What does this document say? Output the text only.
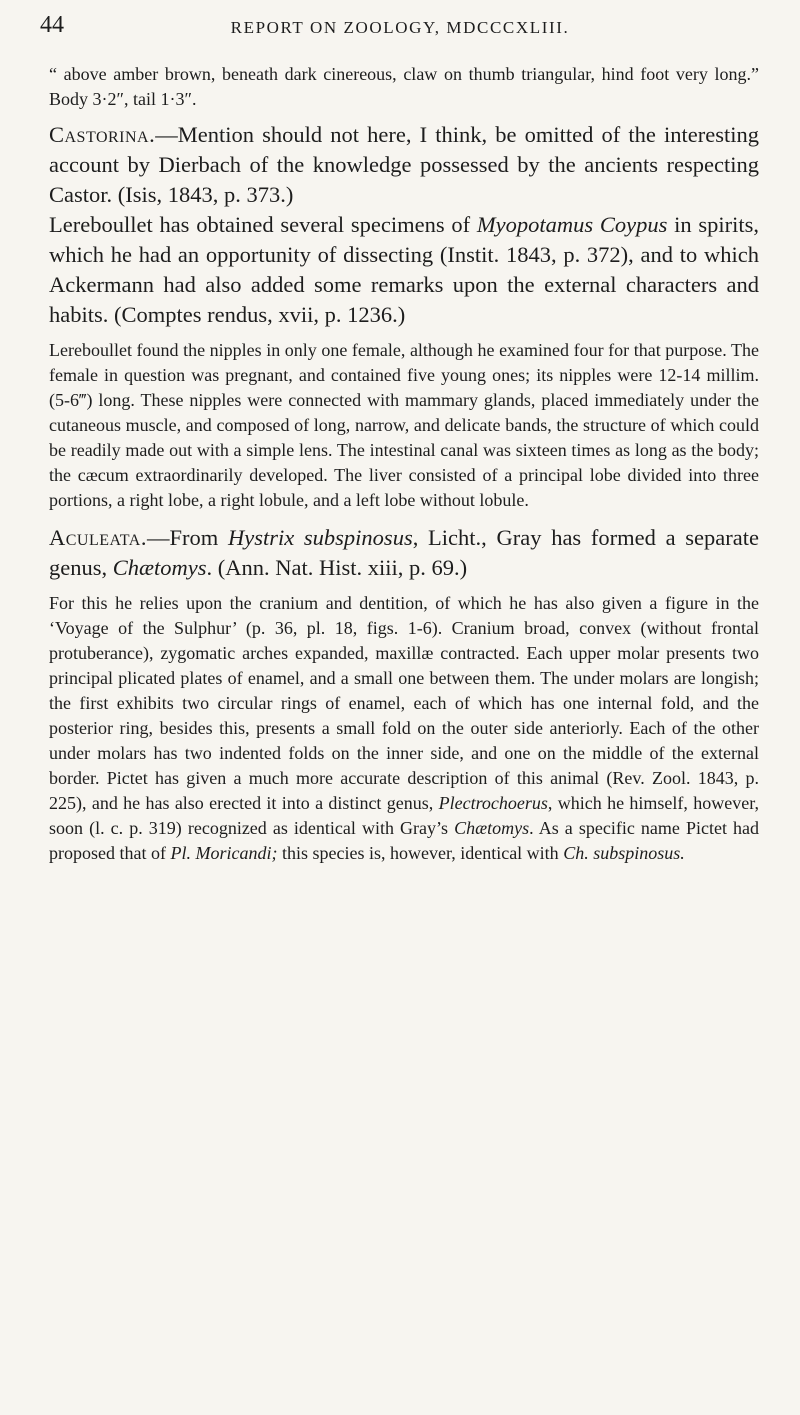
44	REPORT ON ZOOLOGY, MDCCCXLIII.

“ above amber brown, beneath dark cinereous, claw on thumb triangular, hind foot very long.” Body 3·2″, tail 1·3″.

Castorina.—Mention should not here, I think, be omitted of the interesting account by Dierbach of the knowledge possessed by the ancients respecting Castor. (Isis, 1843, p. 373.)

Lereboullet has obtained several specimens of Myopotamus Coypus in spirits, which he had an opportunity of dissecting (Instit. 1843, p. 372), and to which Ackermann had also added some remarks upon the external characters and habits. (Comptes rendus, xvii, p. 1236.)

Lereboullet found the nipples in only one female, although he examined four for that purpose. The female in question was pregnant, and contained five young ones; its nipples were 12-14 millim. (5-6‴) long. These nipples were connected with mammary glands, placed immediately under the cutaneous muscle, and composed of long, narrow, and delicate bands, the structure of which could be readily made out with a simple lens. The intestinal canal was sixteen times as long as the body; the cæcum extraordinarily developed. The liver consisted of a principal lobe divided into three portions, a right lobe, a right lobule, and a left lobe without lobule.

Aculeata.—From Hystrix subspinosus, Licht., Gray has formed a separate genus, Chætomys. (Ann. Nat. Hist. xiii, p. 69.)

For this he relies upon the cranium and dentition, of which he has also given a figure in the ‘Voyage of the Sulphur’ (p. 36, pl. 18, figs. 1-6). Cranium broad, convex (without frontal protuberance), zygomatic arches expanded, maxillæ contracted. Each upper molar presents two principal plicated plates of enamel, and a small one between them. The under molars are longish; the first exhibits two circular rings of enamel, each of which has one internal fold, and the posterior ring, besides this, presents a small fold on the outer side anteriorly. Each of the other under molars has two indented folds on the inner side, and one on the middle of the external border. Pictet has given a much more accurate description of this animal (Rev. Zool. 1843, p. 225), and he has also erected it into a distinct genus, Plectrochoerus, which he himself, however, soon (l. c. p. 319) recognized as identical with Gray’s Chætomys. As a specific name Pictet had proposed that of Pl. Moricandi; this species is, however, identical with Ch. subspinosus.
